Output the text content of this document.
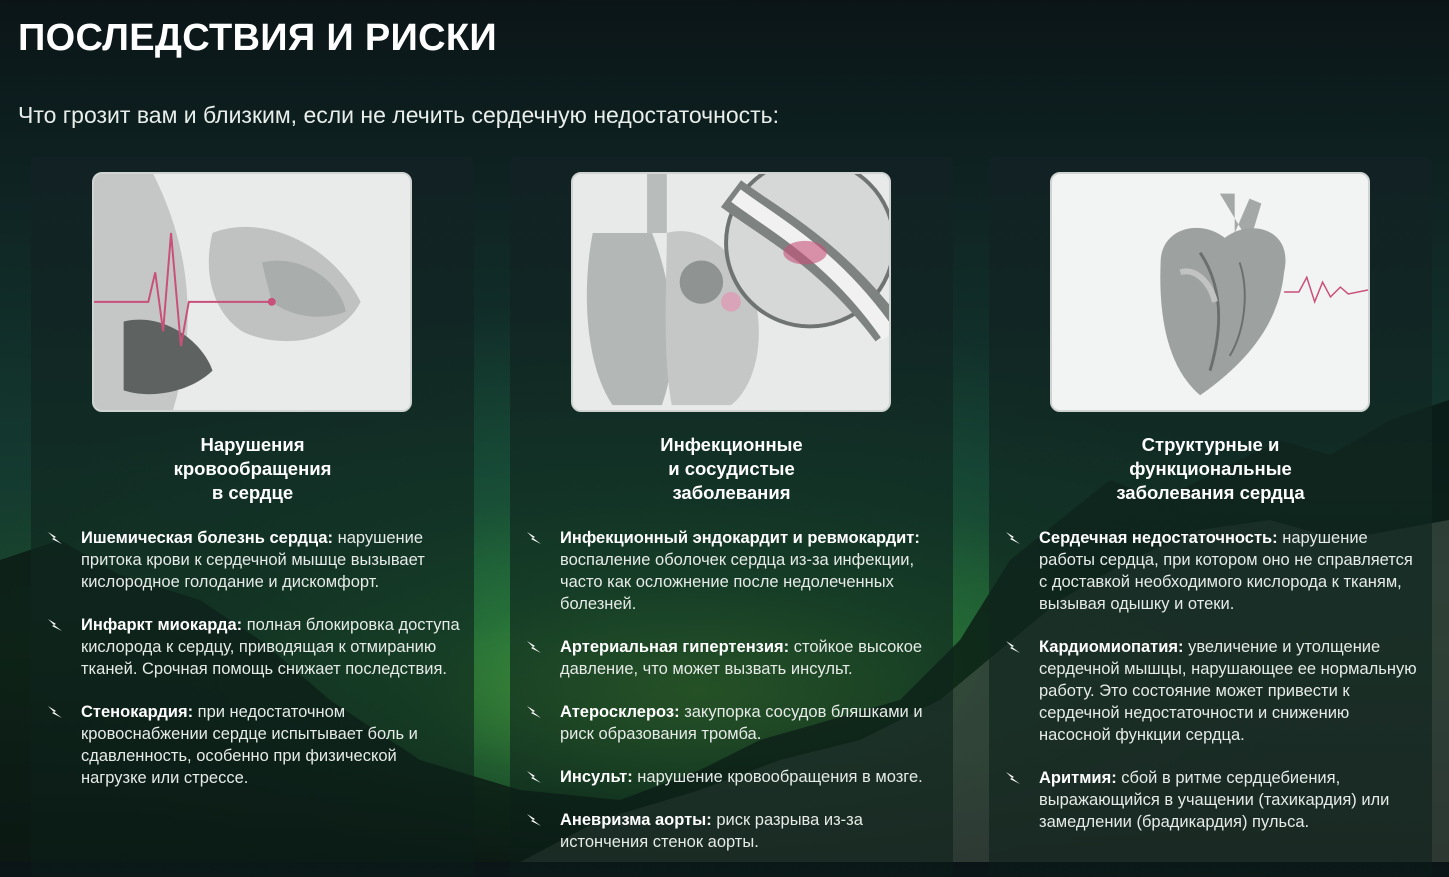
ПОСЛЕДСТВИЯ И РИСКИ

Что грозит вам и близким, если не лечить сердечную недостаточность:

Нарушения
кровообращения
в сердце
Ишемическая болезнь сердца: нарушение притока крови к сердечной мышце вызывает кислородное голодание и дискомфорт.
Инфаркт миокарда: полная блокировка доступа кислорода к сердцу, приводящая к отмиранию тканей. Срочная помощь снижает последствия.
Стенокардия: при недостаточном кровоснабжении сердце испытывает боль и сдавленность, особенно при физической нагрузке или стрессе.
Инфекционные
и сосудистые
заболевания
Инфекционный эндокардит и ревмокардит: воспаление оболочек сердца из-за инфекции, часто как осложнение после недолеченных болезней.
Артериальная гипертензия: стойкое высокое давление, что может вызвать инсульт.
Атеросклероз: закупорка сосудов бляшками и риск образования тромба.
Инсульт: нарушение кровообращения в мозге.
Аневризма аорты: риск разрыва из-за истончения стенок аорты.
Структурные и
функциональные
заболевания сердца
Сердечная недостаточность: нарушение работы сердца, при котором оно не справляется с доставкой необходимого кислорода к тканям, вызывая одышку и отеки.
Кардиомиопатия: увеличение и утолщение сердечной мышцы, нарушающее ее нормальную работу. Это состояние может привести к сердечной недостаточности и снижению насосной функции сердца.
Аритмия: сбой в ритме сердцебиения, выражающийся в учащении (тахикардия) или замедлении (брадикардия) пульса.
